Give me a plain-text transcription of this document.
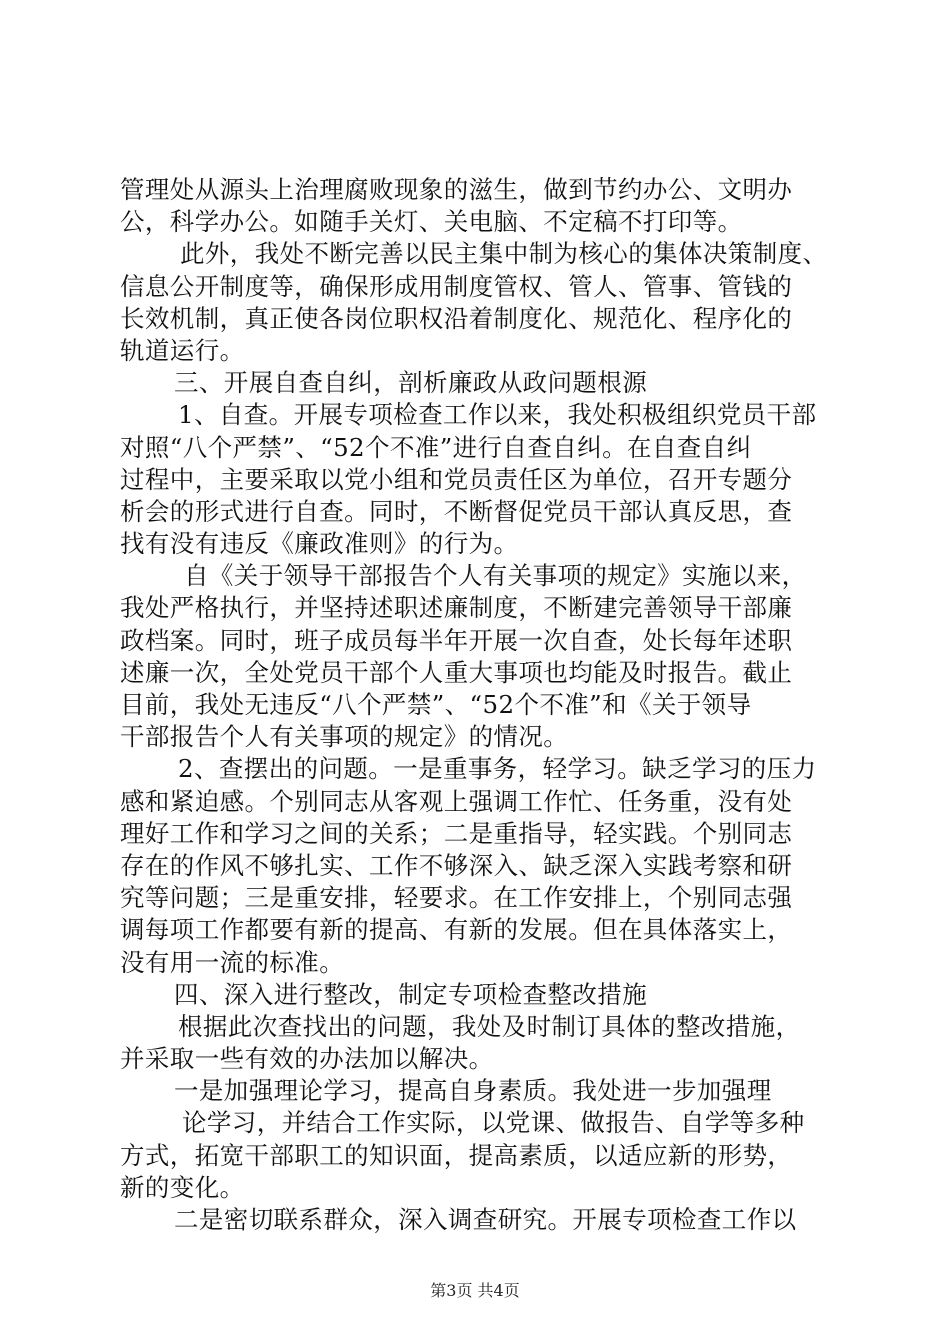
管理处从源头上治理腐败现象的滋生，做到节约办公、文明办
公，科学办公。如随手关灯、关电脑、不定稿不打印等。
此外，我处不断完善以民主集中制为核心的集体决策制度、
信息公开制度等，确保形成用制度管权、管人、管事、管钱的
长效机制，真正使各岗位职权沿着制度化、规范化、程序化的
轨道运行。
三、开展自查自纠，剖析廉政从政问题根源
1、自查。开展专项检查工作以来，我处积极组织党员干部
对照“八个严禁”、“52个不准”进行自查自纠。在自查自纠
过程中，主要采取以党小组和党员责任区为单位，召开专题分
析会的形式进行自查。同时，不断督促党员干部认真反思，查
找有没有违反《廉政准则》的行为。
自《关于领导干部报告个人有关事项的规定》实施以来，
我处严格执行，并坚持述职述廉制度，不断建完善领导干部廉
政档案。同时，班子成员每半年开展一次自查，处长每年述职
述廉一次，全处党员干部个人重大事项也均能及时报告。截止
目前，我处无违反“八个严禁”、“52个不准”和《关于领导
干部报告个人有关事项的规定》的情况。
2、查摆出的问题。一是重事务，轻学习。缺乏学习的压力
感和紧迫感。个别同志从客观上强调工作忙、任务重，没有处
理好工作和学习之间的关系；二是重指导，轻实践。个别同志
存在的作风不够扎实、工作不够深入、缺乏深入实践考察和研
究等问题；三是重安排，轻要求。在工作安排上，个别同志强
调每项工作都要有新的提高、有新的发展。但在具体落实上，
没有用一流的标准。
四、深入进行整改，制定专项检查整改措施
根据此次查找出的问题，我处及时制订具体的整改措施，
并采取一些有效的办法加以解决。
一是加强理论学习，提高自身素质。我处进一步加强理
论学习，并结合工作实际，以党课、做报告、自学等多种
方式，拓宽干部职工的知识面，提高素质，以适应新的形势，
新的变化。
二是密切联系群众，深入调查研究。开展专项检查工作以
第3页 共4页
